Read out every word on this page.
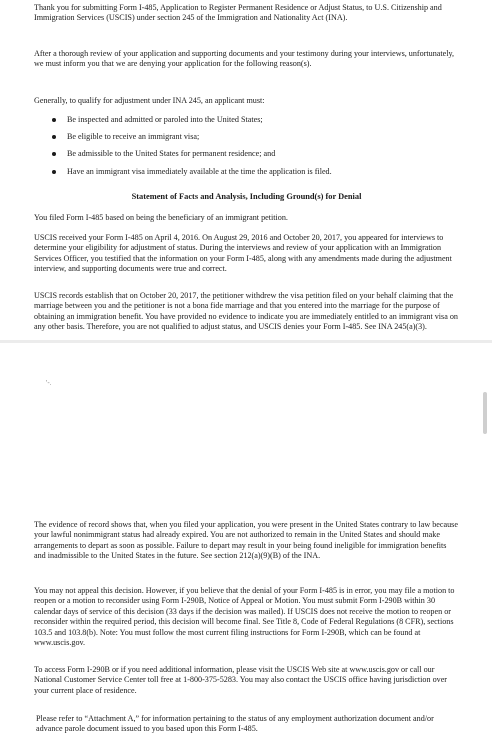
Thank you for submitting Form I-485, Application to Register Permanent Residence or Adjust Status, to U.S. Citizenship and Immigration Services (USCIS) under section 245 of the Immigration and Nationality Act (INA).

After a thorough review of your application and supporting documents and your testimony during your interviews, unfortunately, we must inform you that we are denying your application for the following reason(s).

Generally, to qualify for adjustment under INA 245, an applicant must:

Be inspected and admitted or paroled into the United States;
Be eligible to receive an immigrant visa;
Be admissible to the United States for permanent residence; and
Have an immigrant visa immediately available at the time the application is filed.
Statement of Facts and Analysis, Including Ground(s) for Denial

You filed Form I-485 based on being the beneficiary of an immigrant petition.

USCIS received your Form I-485 on April 4, 2016. On August 29, 2016 and October 20, 2017, you appeared for interviews to determine your eligibility for adjustment of status. During the interviews and review of your application with an Immigration Services Officer, you testified that the information on your Form I-485, along with any amendments made during the adjustment interview, and supporting documents were true and correct.

USCIS records establish that on October 20, 2017, the petitioner withdrew the visa petition filed on your behalf claiming that the marriage between you and the petitioner is not a bona fide marriage and that you entered into the marriage for the purpose of obtaining an immigration benefit. You have provided no evidence to indicate you are immediately entitled to an immigrant visa on any other basis. Therefore, you are not qualified to adjust status, and USCIS denies your Form I-485. See INA 245(a)(3).

The evidence of record shows that, when you filed your application, you were present in the United States contrary to law because your lawful nonimmigrant status had already expired. You are not authorized to remain in the United States and should make arrangements to depart as soon as possible. Failure to depart may result in your being found ineligible for immigration benefits and inadmissible to the United States in the future. See section 212(a)(9)(B) of the INA.

You may not appeal this decision. However, if you believe that the denial of your Form I-485 is in error, you may file a motion to reopen or a motion to reconsider using Form I-290B, Notice of Appeal or Motion. You must submit Form I-290B within 30 calendar days of service of this decision (33 days if the decision was mailed). If USCIS does not receive the motion to reopen or reconsider within the required period, this decision will become final. See Title 8, Code of Federal Regulations (8 CFR), sections 103.5 and 103.8(b). Note: You must follow the most current filing instructions for Form I-290B, which can be found at www.uscis.gov.

To access Form I-290B or if you need additional information, please visit the USCIS Web site at www.uscis.gov or call our National Customer Service Center toll free at 1-800-375-5283. You may also contact the USCIS office having jurisdiction over your current place of residence.

Please refer to “Attachment A,” for information pertaining to the status of any employment authorization document and/or advance parole document issued to you based upon this Form I-485.

'-.
